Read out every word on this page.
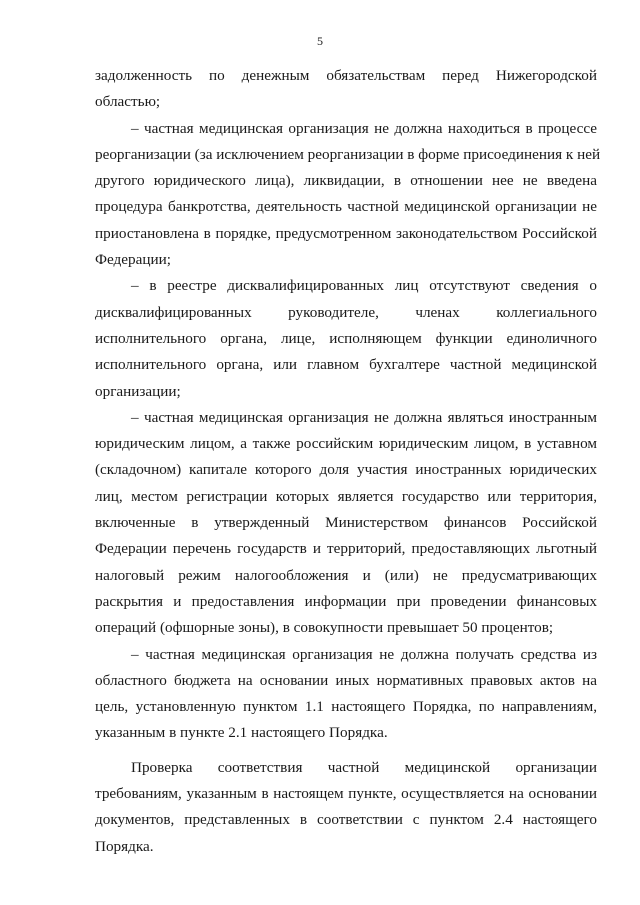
5
задолженность по денежным обязательствам перед Нижегородской
областью;
– частная медицинская организация не должна находиться в процессе
реорганизации (за исключением реорганизации в форме присоединения к ней
другого юридического лица), ликвидации, в отношении нее не введена
процедура банкротства, деятельность частной медицинской организации не
приостановлена в порядке, предусмотренном законодательством Российской
Федерации;
– в реестре дисквалифицированных лиц отсутствуют сведения о
дисквалифицированных руководителе, членах коллегиального
исполнительного органа, лице, исполняющем функции единоличного
исполнительного органа, или главном бухгалтере частной медицинской
организации;
– частная медицинская организация не должна являться иностранным
юридическим лицом, а также российским юридическим лицом, в уставном
(складочном) капитале которого доля участия иностранных юридических
лиц, местом регистрации которых является государство или территория,
включенные в утвержденный Министерством финансов Российской
Федерации перечень государств и территорий, предоставляющих льготный
налоговый режим налогообложения и (или) не предусматривающих
раскрытия и предоставления информации при проведении финансовых
операций (офшорные зоны), в совокупности превышает 50 процентов;
– частная медицинская организация не должна получать средства из
областного бюджета на основании иных нормативных правовых актов на
цель, установленную пунктом 1.1 настоящего Порядка, по направлениям,
указанным в пункте 2.1 настоящего Порядка.
Проверка соответствия частной медицинской организации
требованиям, указанным в настоящем пункте, осуществляется на основании
документов, представленных в соответствии с пунктом 2.4 настоящего
Порядка.
